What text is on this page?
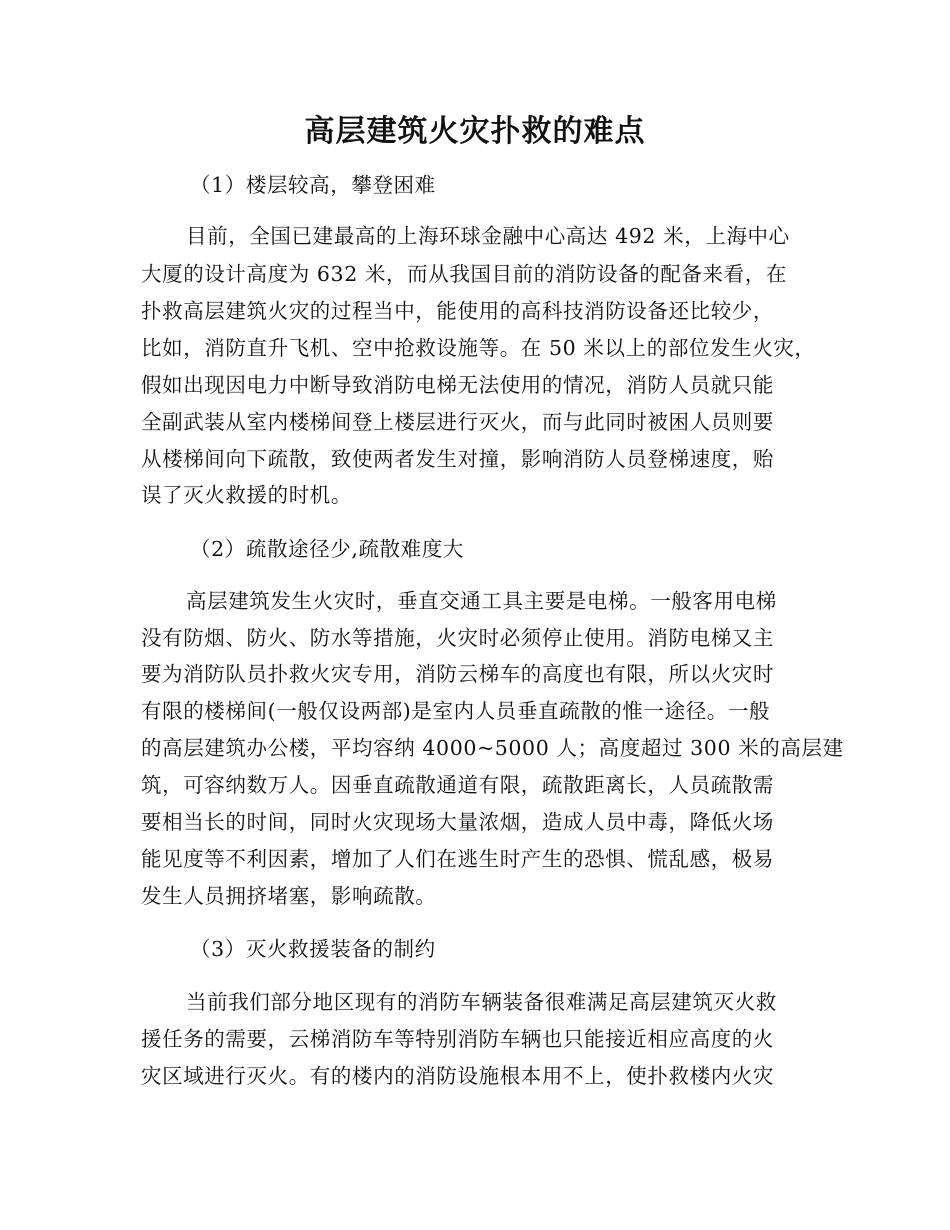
高层建筑火灾扑救的难点
（1）楼层较高，攀登困难
目前，全国已建最高的上海环球金融中心高达 492 米，上海中心
大厦的设计高度为 632 米，而从我国目前的消防设备的配备来看，在
扑救高层建筑火灾的过程当中，能使用的高科技消防设备还比较少，
比如，消防直升飞机、空中抢救设施等。在 50 米以上的部位发生火灾，
假如出现因电力中断导致消防电梯无法使用的情况，消防人员就只能
全副武装从室内楼梯间登上楼层进行灭火，而与此同时被困人员则要
从楼梯间向下疏散，致使两者发生对撞，影响消防人员登梯速度，贻
误了灭火救援的时机。
（2）疏散途径少,疏散难度大
高层建筑发生火灾时，垂直交通工具主要是电梯。一般客用电梯
没有防烟、防火、防水等措施，火灾时必须停止使用。消防电梯又主
要为消防队员扑救火灾专用，消防云梯车的高度也有限，所以火灾时
有限的楼梯间(一般仅设两部)是室内人员垂直疏散的惟一途径。一般
的高层建筑办公楼，平均容纳 4000~5000 人；高度超过 300 米的高层建
筑，可容纳数万人。因垂直疏散通道有限，疏散距离长，人员疏散需
要相当长的时间，同时火灾现场大量浓烟，造成人员中毒，降低火场
能见度等不利因素，增加了人们在逃生时产生的恐惧、慌乱感，极易
发生人员拥挤堵塞，影响疏散。
（3）灭火救援装备的制约
当前我们部分地区现有的消防车辆装备很难满足高层建筑灭火救
援任务的需要，云梯消防车等特别消防车辆也只能接近相应高度的火
灾区域进行灭火。有的楼内的消防设施根本用不上，使扑救楼内火灾
